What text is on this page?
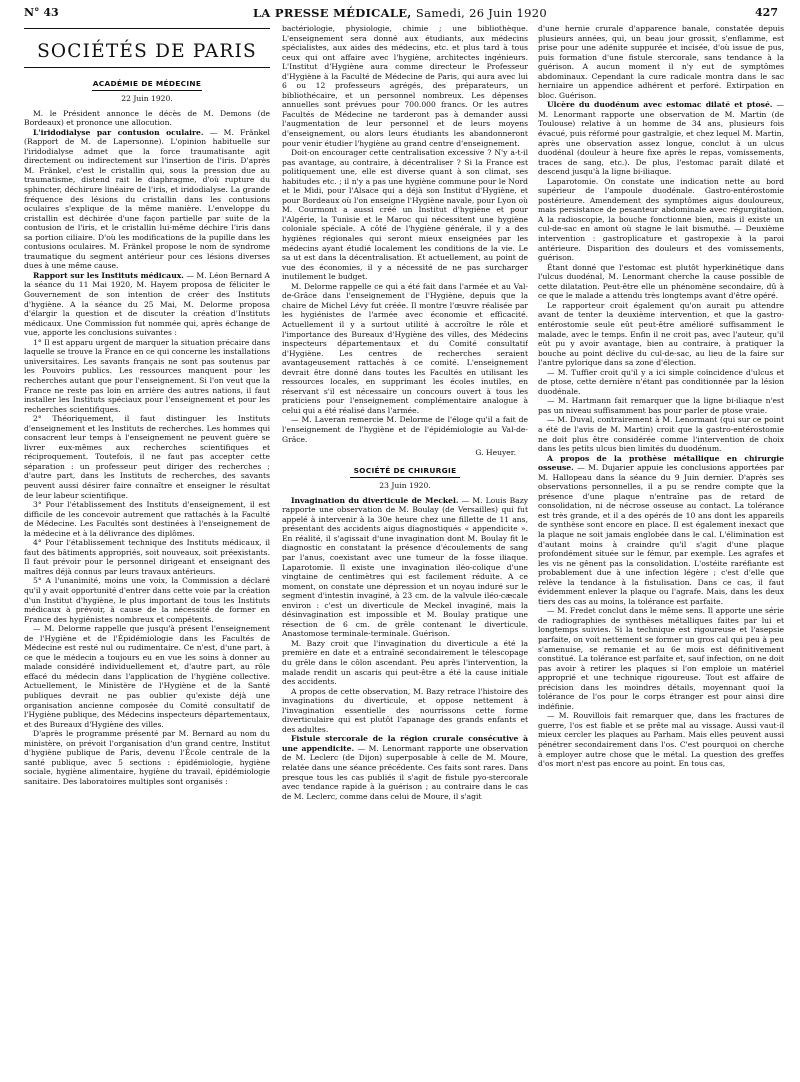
N° 43	LA PRESSE MÉDICALE, Samedi, 26 Juin 1920	427
SOCIÉTÉS DE PARIS
ACADÉMIE DE MÉDECINE
22 Juin 1920.

M. le Président annonce le décès de M. Demons (de Bordeaux) et prononce une allocution.

L'iridodialyse par contusion oculaire. — M. Fränkel (Rapport de M. de Lapersonne). L'opinion habituelle sur l'iridodialyse admet que la force traumatisante agit directement ou indirectement sur l'insertion de l'iris. D'après M. Fränkel, c'est le cristallin qui, sous la pression due au traumatisme, distend rait le diaphragme, d'où rupture du sphincter, déchirure linéaire de l'iris, et iridodialyse. La grande fréquence des lésions du cristallin dans les contusions oculaires s'explique de la même manière. L'enveloppe du cristallin est déchirée d'une façon partielle par suite de la contusion de l'iris, et le cristallin lui-même déchire l'iris dans sa portion ciliaire. D'où les modifications de la pupille dans les contusions oculaires. M. Fränkel propose le nom de syndrome traumatique du segment antérieur pour ces lésions diverses dues à une même cause.

Rapport sur les Instituts médicaux. — M. Léon Bernard A la séance du 11 Mai 1920, M. Hayem proposa de féliciter le Gouvernement de son intention de créer des Instituts d'hygiène. A la séance du 25 Mai, M. Delorme proposa d'élargir la question et de discuter la création d'Instituts médicaux. Une Commission fut nommée qui, après échange de vue, apporte les conclusions suivantes :

1° Il est apparu urgent de marquer la situation précaire dans laquelle se trouve la France en ce qui concerne les installations universitaires. Les savants français ne sont pas soutenus par les Pouvoirs publics. Les ressources manquent pour les recherches autant que pour l'enseignement. Si l'on veut que la France ne reste pas loin en arrière des autres nations, il faut installer les Instituts spéciaux pour l'enseignement et pour les recherches scientifiques.

2° Théoriquement, il faut distinguer les Instituts d'enseignement et les Instituts de recherches. Les hommes qui consacrent leur temps à l'enseignement ne peuvent guère se livrer eux-mêmes aux recherches scientifiques et réciproquement. Toutefois, il ne faut pas accepter cette séparation : un professeur peut diriger des recherches ; d'autre part, dans les Instituts de recherches, des savants peuvent aussi désirer faire connaître et enseigner le résultat de leur labeur scientifique.

3° Pour l'établissement des Instituts d'enseignement, il est difficile de les concevoir autrement que rattachés à la Faculté de Médecine. Les Facultés sont destinées à l'enseignement de la médecine et à la délivrance des diplômes.

4° Pour l'établissement technique des Instituts médicaux, il faut des bâtiments appropriés, soit nouveaux, soit préexistants. Il faut prévoir pour le personnel dirigeant et enseignant des maîtres déjà connus par leurs travaux antérieurs.

5° A l'unanimité, moins une voix, la Commission a déclaré qu'il y avait opportunité d'entrer dans cette voie par la création d'un Institut d'hygiène, le plus important de tous les Instituts médicaux à prévoir, à cause de la nécessité de former en France des hygiénistes nombreux et compétents.

— M. Delorme rappelle que jusqu'à présent l'enseignement de l'Hygiène et de l'Épidémiologie dans les Facultés de Médecine est resté nul ou rudimentaire. Ce n'est, d'une part, à ce que le médecin a toujours eu en vue les soins à donner au malade considéré individuellement et, d'autre part, au rôle effacé du médecin dans l'application de l'hygiène collective. Actuellement, le Ministère de l'Hygiène et de la Santé publiques devrait ne pas oublier qu'existe déjà une organisation ancienne composée du Comité consultatif de l'Hygiène publique, des Médecins inspecteurs départementaux, et des Bureaux d'Hygiène des villes.

D'après le programme présenté par M. Bernard au nom du ministère, on prévoit l'organisation d'un grand centre, Institut d'hygiène publique de Paris, devenu l'École centrale de la santé publique, avec 5 sections : épidémiologie, hygiène sociale, hygiène alimentaire, hygiène du travail, épidémiologie sanitaire. Des laboratoires multiples sont organisés :

bactériologie, physiologie, chimie ; une bibliothèque. L'enseignement sera donné aux étudiants, aux médecins spécialistes, aux aides des médecins, etc. et plus tard à tous ceux qui ont affaire avec l'hygiène, architectes ingénieurs. L'Institut d'Hygiène aura comme directeur le Professeur d'Hygiène à la Faculté de Médecine de Paris, qui aura avec lui 6 ou 12 professeurs agrégés, des préparateurs, un bibliothécaire, et un personnel nombreux. Les dépenses annuelles sont prévues pour 700.000 francs. Or les autres Facultés de Médecine ne tarderont pas à demander aussi l'augmentation de leur personnel et de leurs moyens d'enseignement, ou alors leurs étudiants les abandonneront pour venir étudier l'hygiène au grand centre d'enseignement.

Doit-on encourager cette centralisation excessive ? N'y a-t-il pas avantage, au contraire, à décentraliser ? Si la France est politiquement une, elle est diverse quant à son climat, ses habitudes etc. ; il n'y a pas une hygiène commune pour le Nord et le Midi, pour l'Alsace qui a déjà son Institut d'Hygiène, et pour Bordeaux où l'on enseigne l'Hygiène navale, pour Lyon où M. Courmont a aussi créé un Institut d'hygiène et pour l'Algérie, la Tunisie et le Maroc qui nécessitent une hygiène coloniale spéciale. A côté de l'hygiène générale, il y a des hygiènes régionales qui seront mieux enseignées par les médecins ayant étudié localement les conditions de la vie. Le sa ut est dans la décentralisation. Et actuellement, au point de vue des économies, il y a nécessité de ne pas surcharger inutilement le budget.

M. Delorme rappelle ce qui a été fait dans l'armée et au Val-de-Grâce dans l'enseignement de l'Hygiène, depuis que la chaire de Michel Lévy fut créée. Il montre l'œuvre réalisée par les hygiénistes de l'armée avec économie et efficacité. Actuellement il y a surtout utilité à accroître le rôle et l'importance des Bureaux d'Hygiène des villes, des Médecins inspecteurs départementaux et du Comité consultatif d'Hygiène. Les centres de recherches seraient avantageusement rattachés à ce comité. L'enseignement devrait être donné dans toutes les Facultés en utilisant les ressources locales, en supprimant les écoles inutiles, en réservant s'il est nécessaire un concours ouvert à tous les praticiens pour l'enseignement complémentaire analogue à celui qui a été réalisé dans l'armée.

— M. Laveran remercie M. Delorme de l'éloge qu'il a fait de l'enseignement de l'hygiène et de l'épidémiologie au Val-de-Grâce.

G. Heuyer.
SOCIÉTÉ DE CHIRURGIE
23 Juin 1920.

Invagination du diverticule de Meckel. — M. Louis Bazy rapporte une observation de M. Boulay (de Versailles) qui fut appelé à intervenir à la 30e heure chez une fillette de 11 ans, présentant des accidents aigus diagnostiqués « appendicite ». En réalité, il s'agissait d'une invagination dont M. Boulay fit le diagnostic en constatant la présence d'écoulements de sang par l'anus, coexistant avec une tumeur de la fosse iliaque. Laparotomie. Il existe une invagination iléo-colique d'une vingtaine de centimètres qui est facilement réduite. A ce moment, on constate une dépression et un noyau induré sur le segment d'intestin invaginé, à 23 cm. de la valvule iléo-cæcale environ : c'est un diverticule de Meckel invaginé, mais la désinvagination est impossible et M. Boulay pratique une résection de 6 cm. de grêle contenant le diverticule. Anastomose terminale-terminale. Guérison.

M. Bazy croit que l'invagination du diverticule a été la première en date et a entraîné secondairement le télescopage du grêle dans le côlon ascendant. Peu après l'intervention, la malade rendit un ascaris qui peut-être a été la cause initiale des accidents.

A propos de cette observation, M. Bazy retrace l'histoire des invaginations du diverticule, et oppose nettement à l'invagination essentielle des nourrissons cette forme diverticulaire qui est plutôt l'apanage des grands enfants et des adultes.

Fistule stercorale de la région crurale consécutive à une appendicite. — M. Lenormant rapporte une observation de M. Leclerc (de Dijon) superposable à celle de M. Moure, relatée dans une séance précédente. Ces faits sont rares. Dans presque tous les cas publiés il s'agit de fistule pyo-stercorale avec tendance rapide à la guérison ; au contraire dans le cas de M. Leclerc, comme dans celui de Moure, il s'agit

d'une hernie crurale d'apparence banale, constatée depuis plusieurs années, qui, un beau jour grossit, s'enflamme, est prise pour une adénite suppurée et incisée, d'où issue de pus, puis formation d'une fistule stercorale, sans tendance à la guérison. A aucun moment il n'y eut de symptômes abdominaux. Cependant la cure radicale montra dans le sac herniaire un appendice adhérent et perforé. Extirpation en bloc. Guérison.

Ulcère du duodénum avec estomac dilaté et ptosé. — M. Lenormant rapporte une observation de M. Martin (de Toulouse) relative à un homme de 34 ans, plusieurs fois évacué, puis réformé pour gastralgie, et chez lequel M. Martin, après une observation assez longue, conclut à un ulcus duodénal (douleur à heure fixe après le repas, vomissements, traces de sang, etc.). De plus, l'estomac paraît dilaté et descend jusqu'à la ligne bi-iliaque.

Laparotomie. On constate une indication nette au bord supérieur de l'ampoule duodénale. Gastro-entérostomie postérieure. Amendement des symptômes aigus douloureux, mais persistance de pesanteur abdominale avec régurgitation. A la radioscopie, la bouche fonctionne bien, mais il existe un cul-de-sac en amont où stagne le lait bismuthé. — Deuxième intervention : gastroplicature et gastropexie à la paroi antérieure. Disparition des douleurs et des vomissements, guérison.

Étant donné que l'estomac est plutôt hyperkinétique dans l'ulcus duodénal, M. Lenormant cherche la cause possible de cette dilatation. Peut-être elle un phénomène secondaire, dû à ce que le malade a attendu très longtemps avant d'être opéré.

Le rapporteur croit également qu'on aurait pu attendre avant de tenter la deuxième intervention, et que la gastro-entérostomie seule eût peut-être amélioré suffisamment le malade, avec le temps. Enfin il ne croit pas, avec l'auteur, qu'il eût pu y avoir avantage, bien au contraire, à pratiquer la bouche au point déclive du cul-de-sac, au lieu de la faire sur l'antre pylorique dans sa zone d'élection.

— M. Tuffier croit qu'il y a ici simple coïncidence d'ulcus et de ptose, cette dernière n'étant pas conditionnée par la lésion duodénale.

— M. Hartmann fait remarquer que la ligne bi-iliaque n'est pas un niveau suffisamment bas pour parler de ptose vraie.

— M. Duval, contrairement à M. Lenormant (qui sur ce point a été de l'avis de M. Martin) croit que la gastro-entérostomie ne doit plus être considérée comme l'intervention de choix dans les petits ulcus bien limités du duodénum.

A propos de la prothèse métallique en chirurgie osseuse. — M. Dujarier appuie les conclusions apportées par M. Hallopeau dans la séance du 9 Juin dernier. D'après ses observations personnelles, il a pu se rendre compte que la présence d'une plaque n'entraîne pas de retard de consolidation, ni de nécrose osseuse au contact. La tolérance est très grande, et il a des opérés de 10 ans dont les appareils de synthèse sont encore en place. Il est également inexact que la plaque ne soit jamais englobée dans le cal. L'élimination est d'autant moins à craindre qu'il s'agit d'une plaque profondément située sur le fémur, par exemple. Les agrafes et les vis ne gênent pas la consolidation. L'ostéite raréfiante est probablement due à une infection légère ; c'est d'elle que relève la tendance à la fistulisation. Dans ce cas, il faut évidemment enlever la plaque ou l'agrafe. Mais, dans les deux tiers des cas au moins, la tolérance est parfaite.

— M. Fredet conclut dans le même sens. Il apporte une série de radiographies de synthèses métalliques faites par lui et longtemps suivies. Si la technique est rigoureuse et l'asepsie parfaite, on voit nettement se former un gros cal qui peu à peu s'amenuise, se remanie et au 6e mois est définitivement constitué. La tolérance est parfaite et, sauf infection, on ne doit pas avoir à retirer les plaques si l'on emploie un matériel approprié et une technique rigoureuse. Tout est affaire de précision dans les moindres détails, moyennant quoi la tolérance de l'os pour le corps étranger est pour ainsi dire indéfinie.

— M. Rouvillois fait remarquer que, dans les fractures de guerre, l'os est fiable et se prête mal au vissage. Aussi vaut-il mieux cercler les plaques au Parham. Mais elles peuvent aussi pénétrer secondairement dans l'os. C'est pourquoi on cherche à employer autre chose que le métal. La question des greffes d'os mort n'est pas encore au point. En tous cas,
